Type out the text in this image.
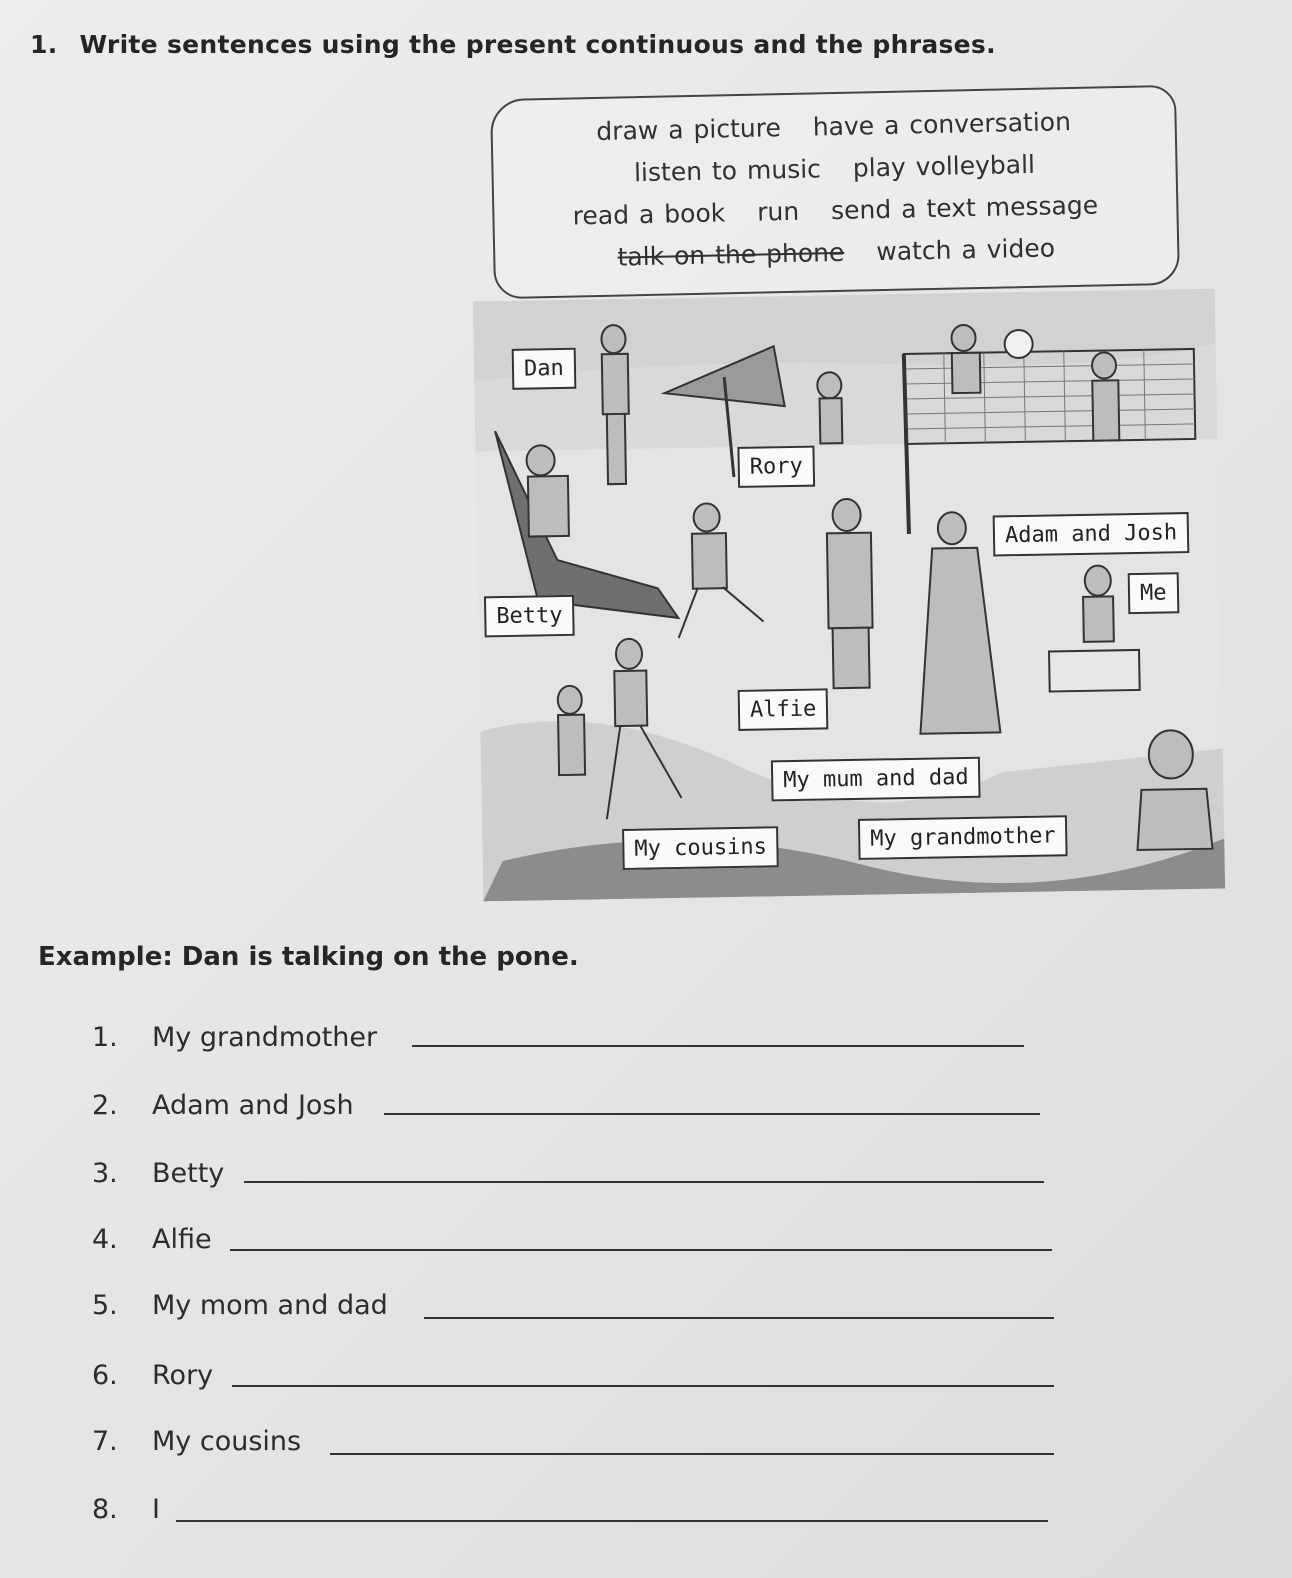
1. Write sentences using the present continuous and the phrases.
draw a picture have a conversation
listen to music play volleyball
read a book run send a text message
talk on the phone watch a video
Dan
Rory
Adam and Josh
Me
Betty
Alfie
My mum and dad
My cousins	My grandmother
Example: Dan is talking on the pone.
1. My grandmother
2. Adam and Josh
3. Betty
4. Alfie
5. My mom and dad
6. Rory
7. My cousins
8. I
